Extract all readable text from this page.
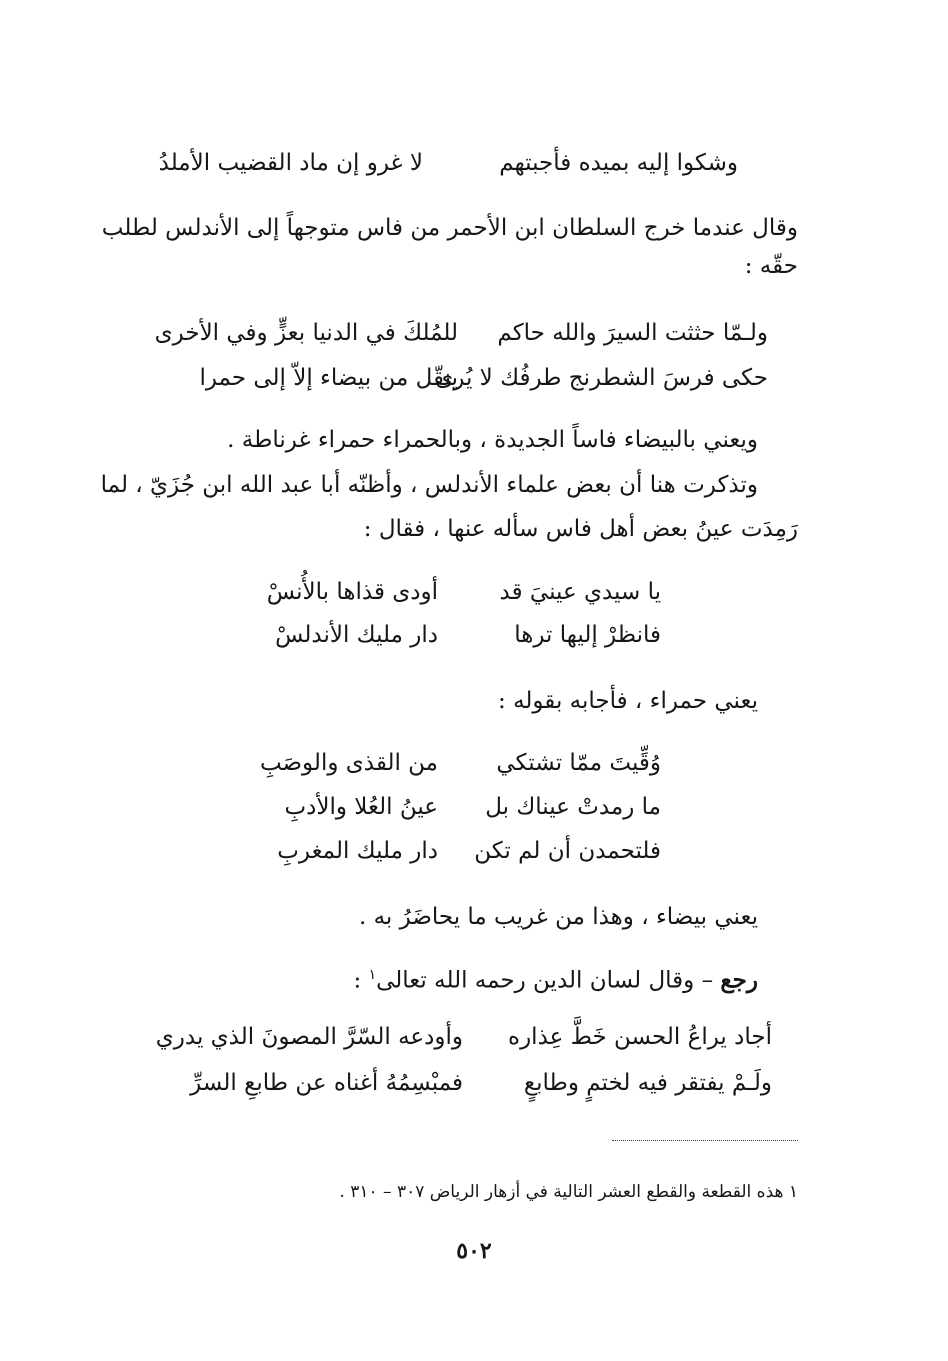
وشكوا إليه بميده فأجبتهم
لا غرو إن ماد القضيب الأملدُ
وقال عندما خرج السلطان ابن الأحمر من فاس متوجهاً إلى الأندلس لطلب
حقّه :
ولـمّا حثثت السيرَ والله حاكم
للمُلكَ في الدنيا بعزٍّ وفي الأخرى
حكى فرسَ الشطرنج طرفُك لا يُرى
ينقّل من بيضاء إلاّ إلى حمرا
ويعني بالبيضاء فاساً الجديدة ، وبالحمراء حمراء غرناطة .
وتذكرت هنا أن بعض علماء الأندلس ، وأظنّه أبا عبد الله ابن جُزَيّ ، لما
رَمِدَت عينُ بعض أهل فاس سأله عنها ، فقال :
يا سيدي عينيَ قد
أودى قذاها بالأُنسْ
فانظرْ إليها ترها
دار مليك الأندلسْ
يعني حمراء ، فأجابه بقوله :
وُقِّيتَ ممّا تشتكي
من القذى والوصَبِ
ما رمدتْ عيناك بل
عينُ العُلا والأدبِ
فلتحمدن أن لم تكن
دار مليك المغربِ
يعني بيضاء ، وهذا من غريب ما يحاضَرُ به .
رجع – وقال لسان الدين رحمه الله تعالى$^١$ :
أجاد يراعُ الحسن خَطَّ عِذاره
وأودعه السّرَّ المصونَ الذي يدري
ولَـمْ يفتقر فيه لختمٍ وطابعٍ
فمبْسِمُهُ أغناه عن طابعِ السرِّ
١ هذه القطعة والقطع العشر التالية في أزهار الرياض ٣٠٧ – ٣١٠ .
٥٠٢
